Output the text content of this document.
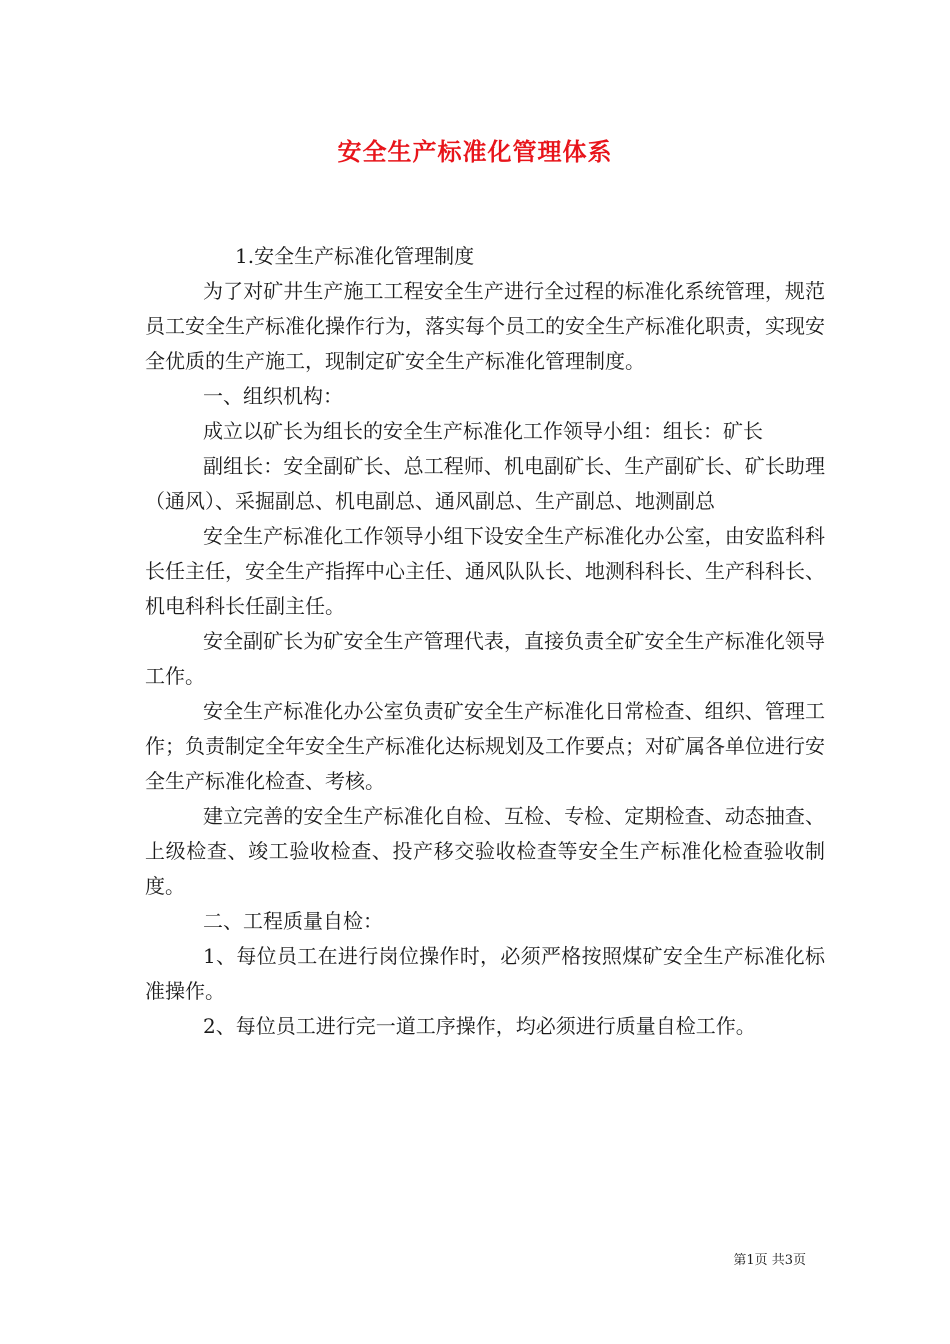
安全生产标准化管理体系

1.安全生产标准化管理制度

为了对矿井生产施工工程安全生产进行全过程的标准化系统管理，规范员工安全生产标准化操作行为，落实每个员工的安全生产标准化职责，实现安全优质的生产施工，现制定矿安全生产标准化管理制度。

一、组织机构：

成立以矿长为组长的安全生产标准化工作领导小组：组长：矿长

副组长：安全副矿长、总工程师、机电副矿长、生产副矿长、矿长助理（通风）、采掘副总、机电副总、通风副总、生产副总、地测副总

安全生产标准化工作领导小组下设安全生产标准化办公室，由安监科科长任主任，安全生产指挥中心主任、通风队队长、地测科科长、生产科科长、机电科科长任副主任。

安全副矿长为矿安全生产管理代表，直接负责全矿安全生产标准化领导工作。

安全生产标准化办公室负责矿安全生产标准化日常检查、组织、管理工作；负责制定全年安全生产标准化达标规划及工作要点；对矿属各单位进行安全生产标准化检查、考核。

建立完善的安全生产标准化自检、互检、专检、定期检查、动态抽查、上级检查、竣工验收检查、投产移交验收检查等安全生产标准化检查验收制度。

二、工程质量自检：

1、每位员工在进行岗位操作时，必须严格按照煤矿安全生产标准化标准操作。

2、每位员工进行完一道工序操作，均必须进行质量自检工作。

第1页 共3页
